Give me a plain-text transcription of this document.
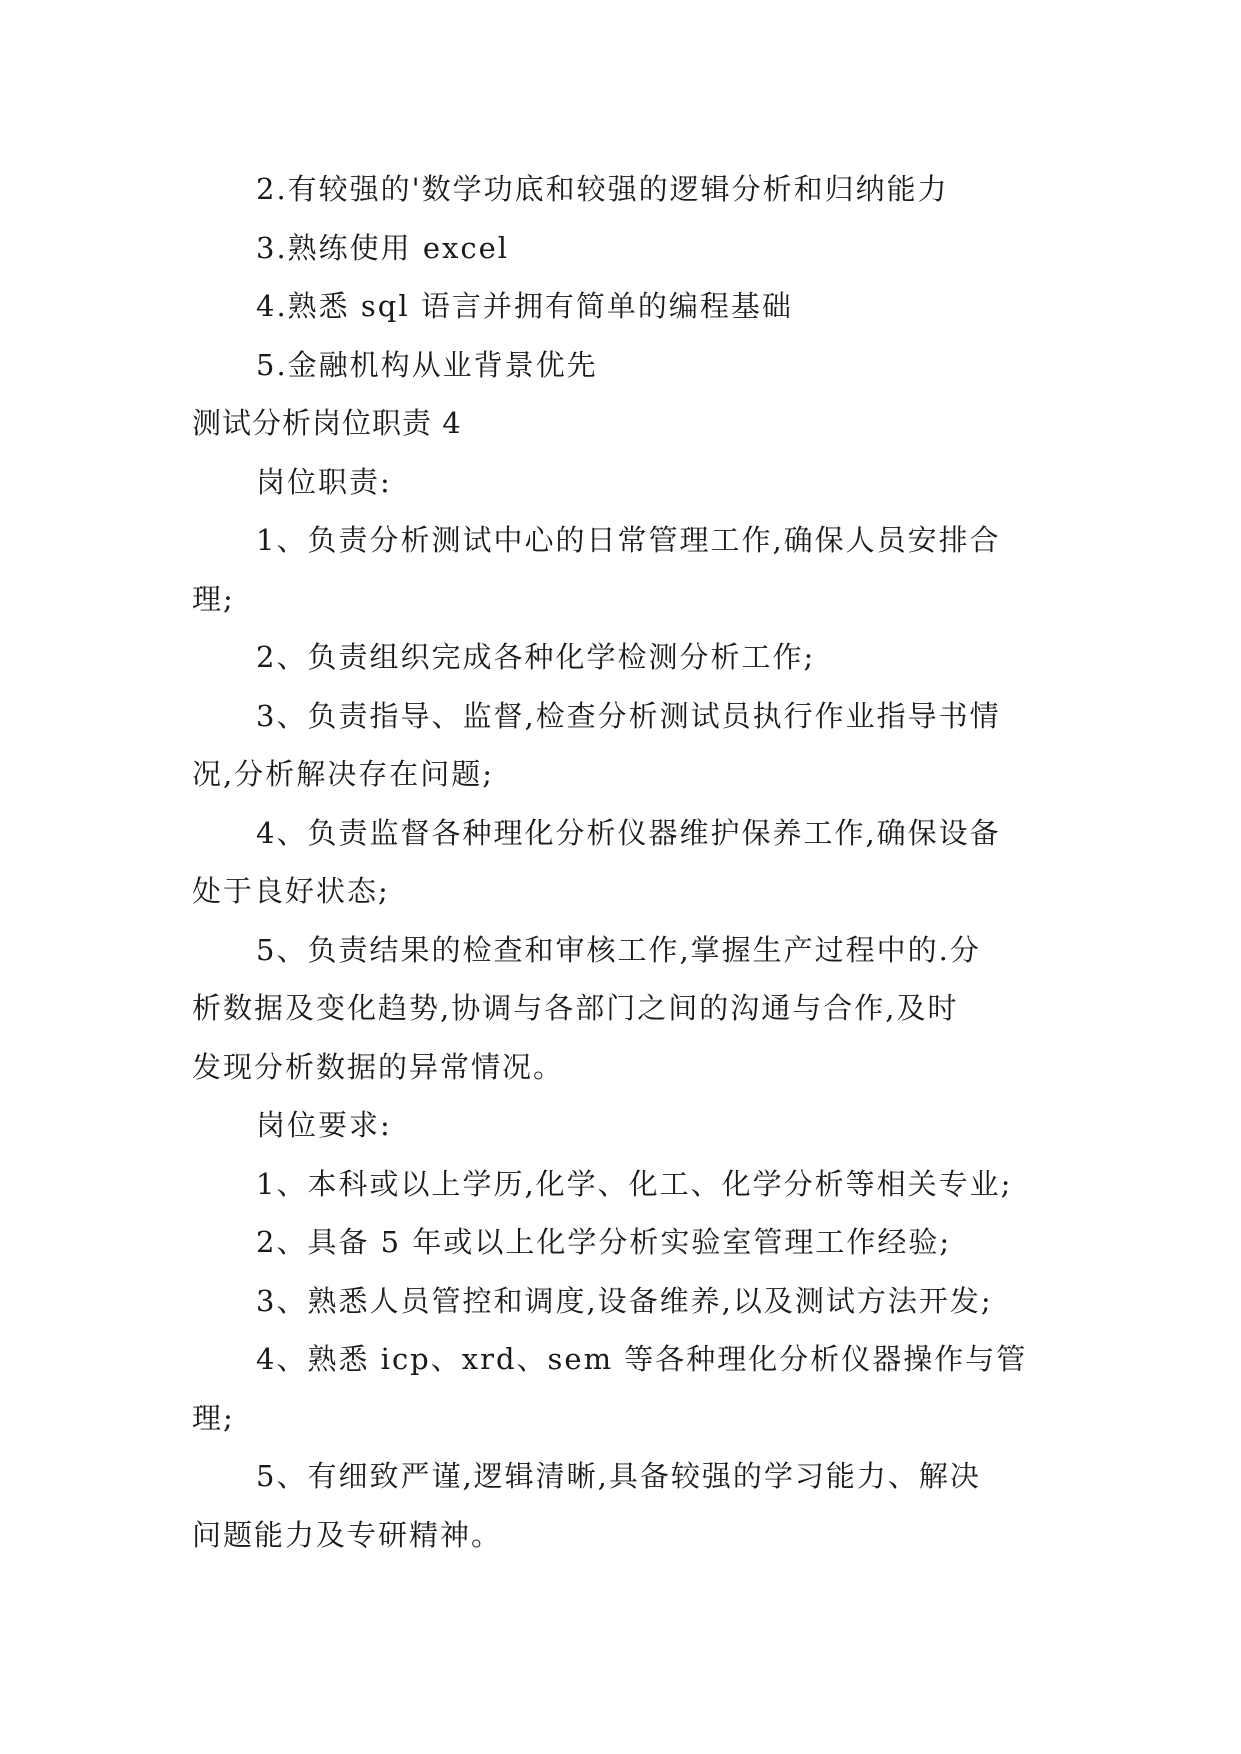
2.有较强的'数学功底和较强的逻辑分析和归纳能力
3.熟练使用 excel
4.熟悉 sql 语言并拥有简单的编程基础
5.金融机构从业背景优先
测试分析岗位职责 4
岗位职责:
1、负责分析测试中心的日常管理工作,确保人员安排合
理;
2、负责组织完成各种化学检测分析工作;
3、负责指导、监督,检查分析测试员执行作业指导书情
况,分析解决存在问题;
4、负责监督各种理化分析仪器维护保养工作,确保设备
处于良好状态;
5、负责结果的检查和审核工作,掌握生产过程中的.分
析数据及变化趋势,协调与各部门之间的沟通与合作,及时
发现分析数据的异常情况。
岗位要求:
1、本科或以上学历,化学、化工、化学分析等相关专业;
2、具备 5 年或以上化学分析实验室管理工作经验;
3、熟悉人员管控和调度,设备维养,以及测试方法开发;
4、熟悉 icp、xrd、sem 等各种理化分析仪器操作与管
理;
5、有细致严谨,逻辑清晰,具备较强的学习能力、解决
问题能力及专研精神。
